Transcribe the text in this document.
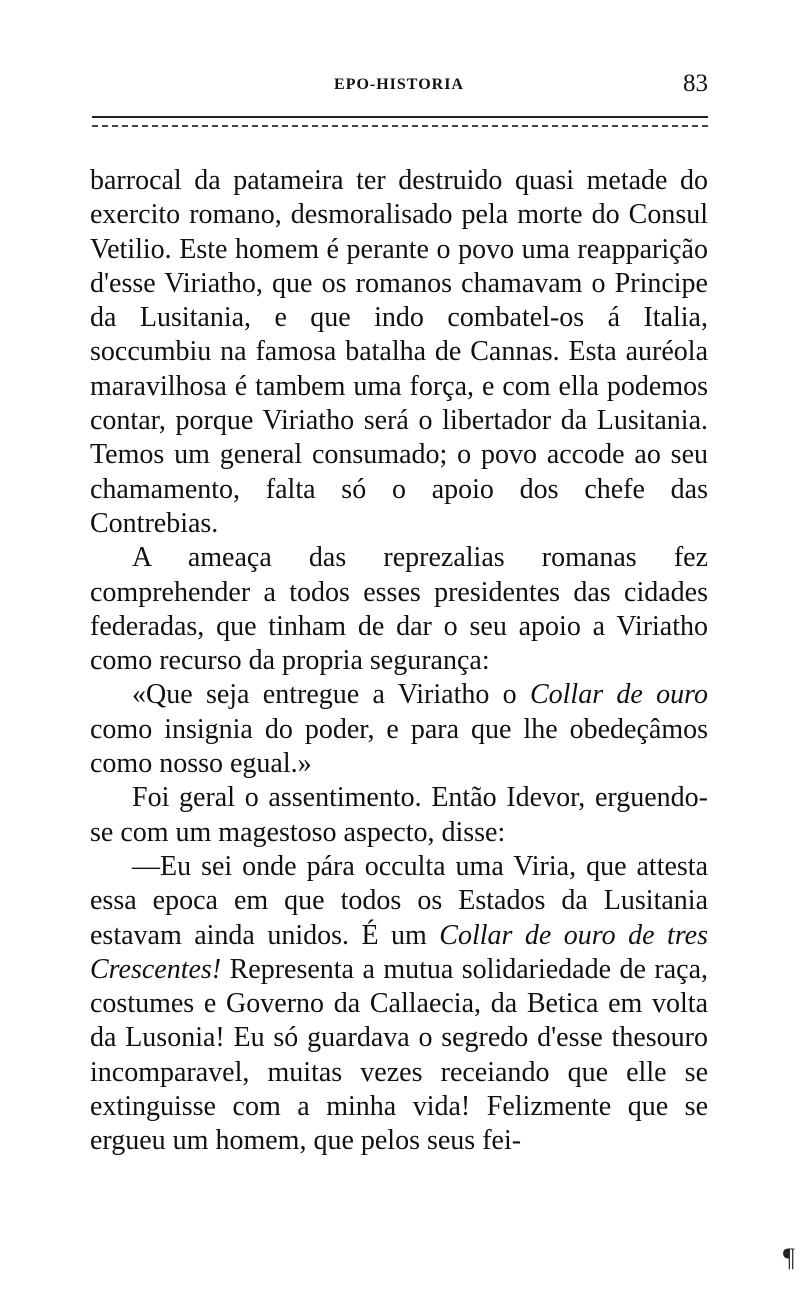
EPO-HISTORIA	83

barrocal da patameira ter destruido quasi metade do exercito romano, desmoralisado pela morte do Consul Vetilio. Este homem é perante o povo uma reapparição d'esse Viriatho, que os romanos chamavam o Principe da Lusitania, e que indo combatel-os á Italia, soccumbiu na famosa batalha de Cannas. Esta auréola maravilhosa é tambem uma força, e com ella podemos contar, porque Viriatho será o libertador da Lusitania. Temos um general consumado; o povo accode ao seu chamamento, falta só o apoio dos chefe das Contrebias.

A ameaça das reprezalias romanas fez comprehender a todos esses presidentes das cidades federadas, que tinham de dar o seu apoio a Viriatho como recurso da propria segurança:

«Que seja entregue a Viriatho o Collar de ouro como insignia do poder, e para que lhe obedeçâmos como nosso egual.»

Foi geral o assentimento. Então Idevor, erguendo-se com um magestoso aspecto, disse:

—Eu sei onde pára occulta uma Viria, que attesta essa epoca em que todos os Estados da Lusitania estavam ainda unidos. É um Collar de ouro de tres Crescentes! Representa a mutua solidariedade de raça, costumes e Governo da Callaecia, da Betica em volta da Lusonia! Eu só guardava o segredo d'esse thesouro incomparavel, muitas vezes receiando que elle se extinguisse com a minha vida! Felizmente que se ergueu um homem, que pelos seus fei-

¶
